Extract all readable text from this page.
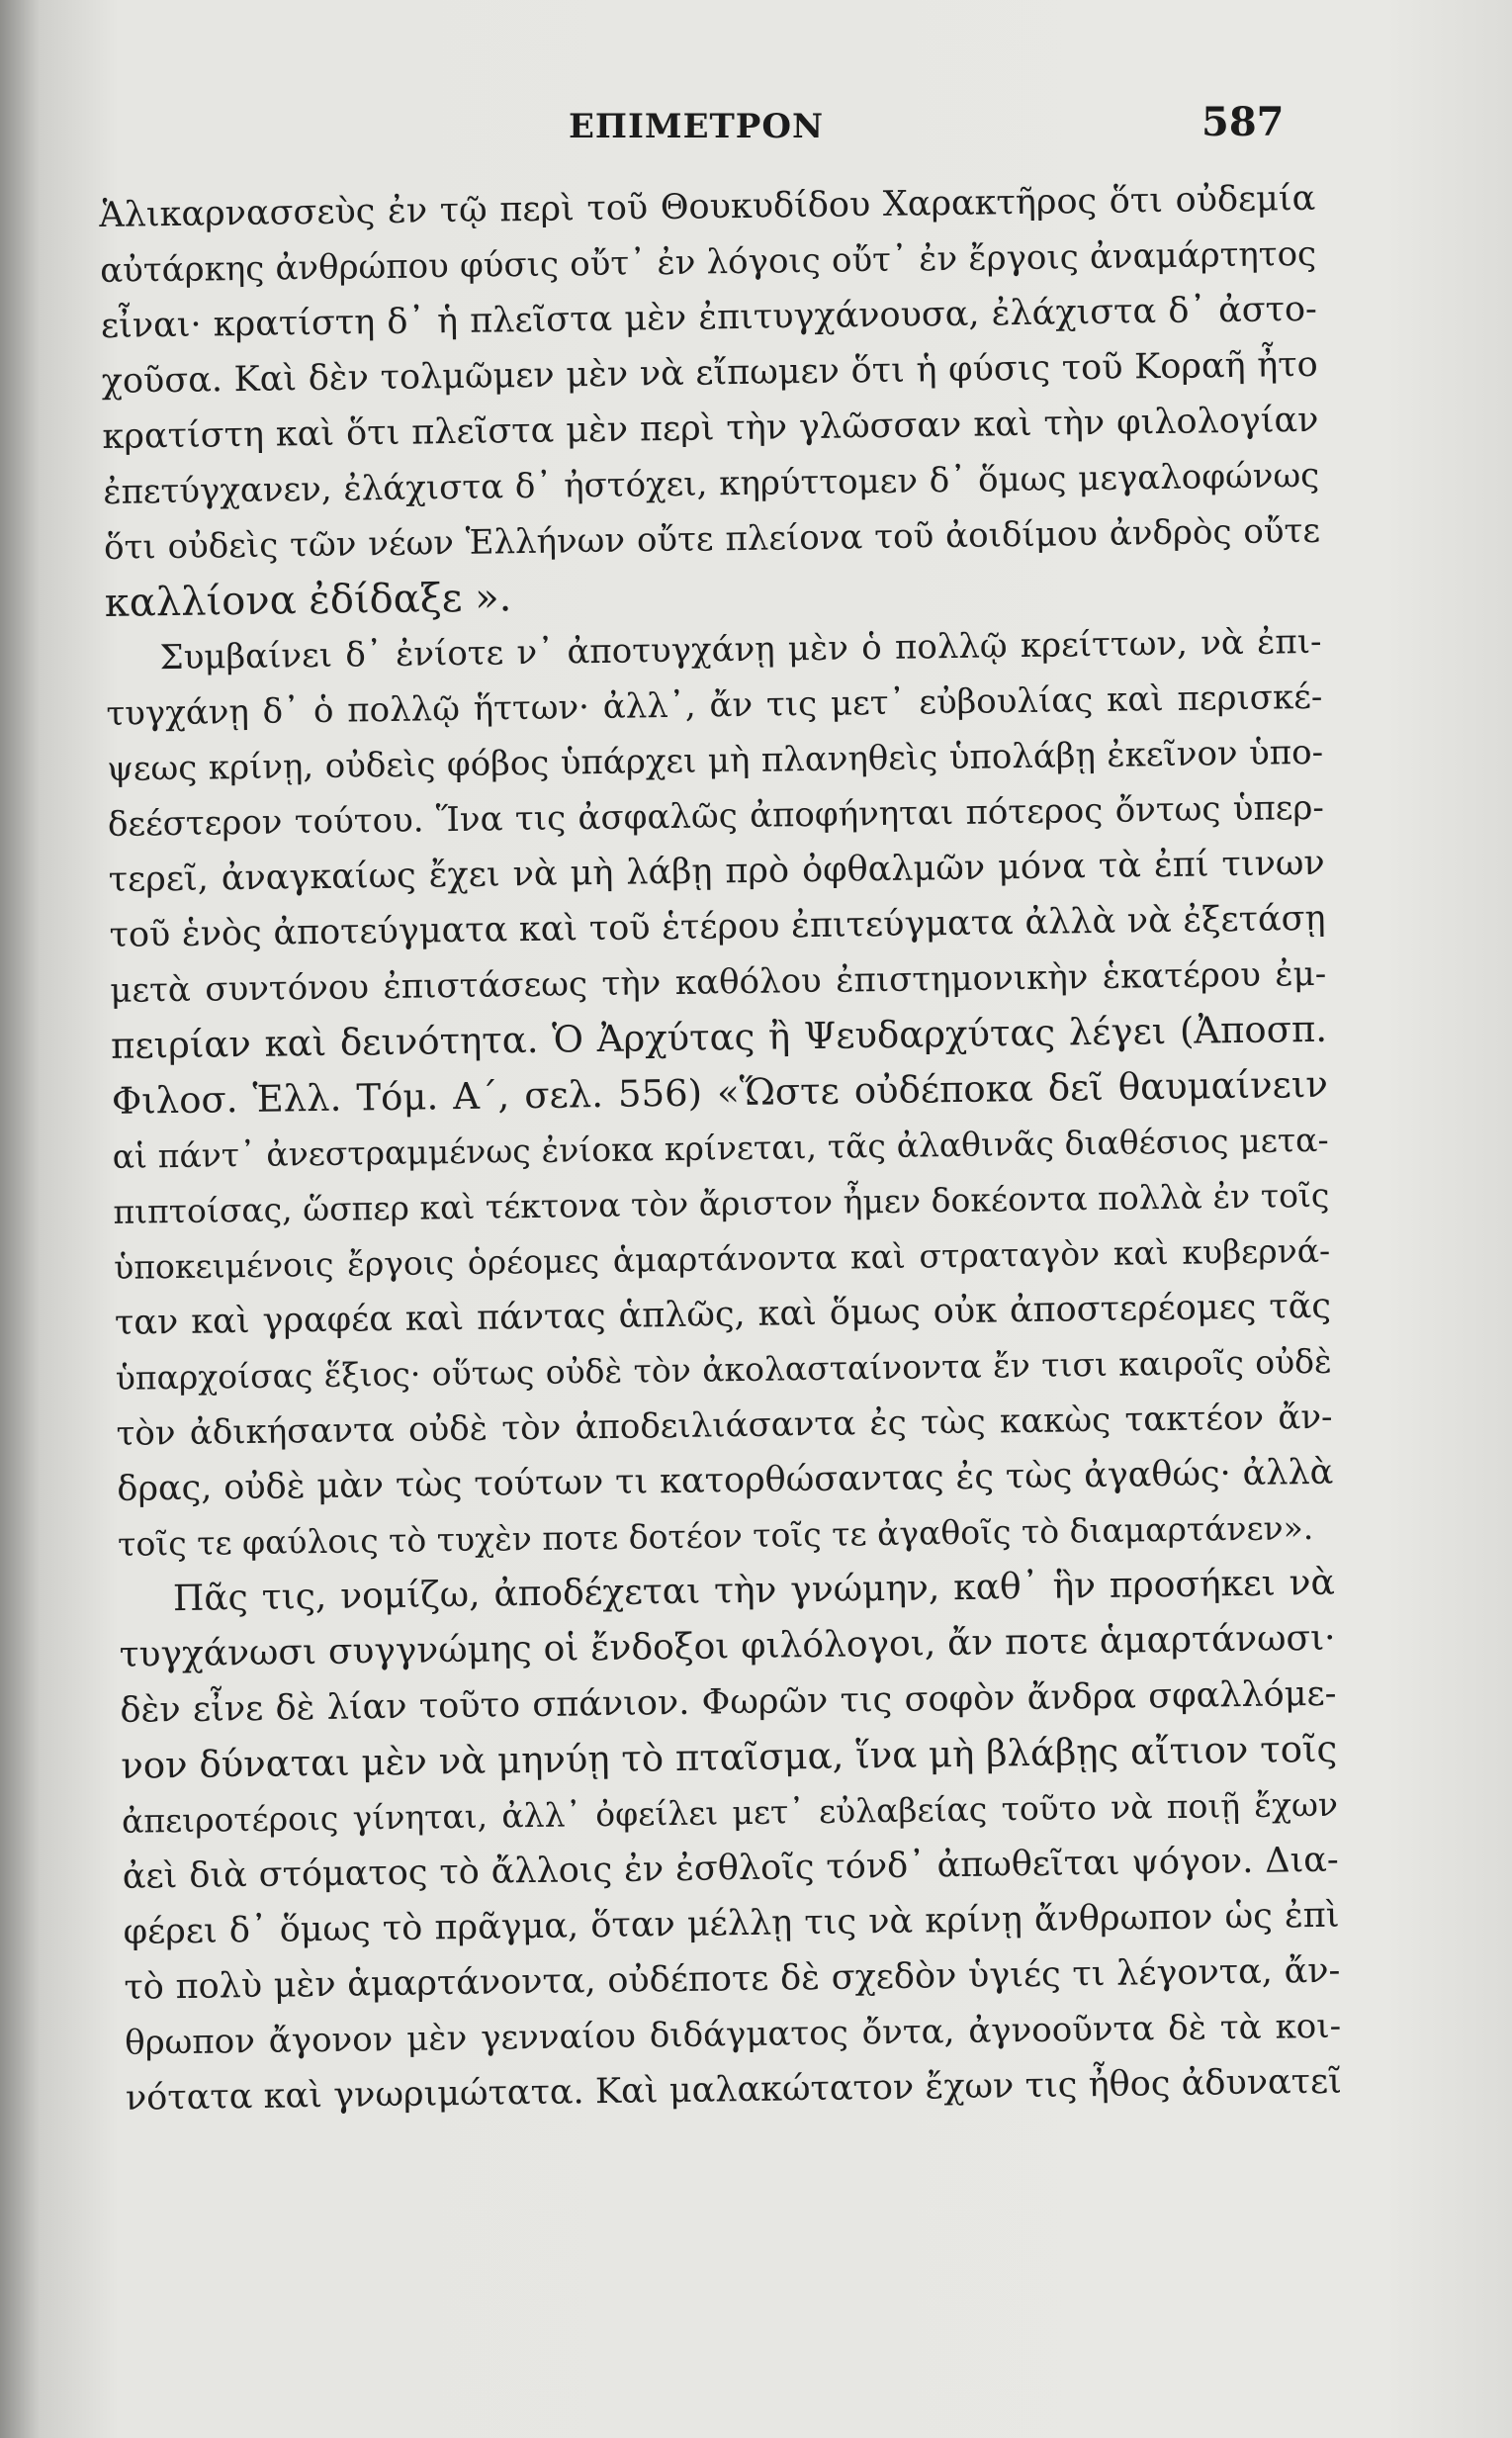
ΕΠΙΜΕΤΡΟΝ	587
Ἁλικαρνασσεὺς ἐν τῷ περὶ τοῦ Θουκυδίδου Χαρακτῆρος ὅτι οὐδεμία
αὐτάρκης ἀνθρώπου φύσις οὔτ᾽ ἐν λόγοις οὔτ᾽ ἐν ἔργοις ἀναμάρτητος
εἶναι· κρατίστη δ᾽ ἡ πλεῖστα μὲν ἐπιτυγχάνουσα, ἐλάχιστα δ᾽ ἀστο-
χοῦσα. Καὶ δὲν τολμῶμεν μὲν νὰ εἴπωμεν ὅτι ἡ φύσις τοῦ Κοραῆ ἦτο
κρατίστη καὶ ὅτι πλεῖστα μὲν περὶ τὴν γλῶσσαν καὶ τὴν φιλολογίαν
ἐπετύγχανεν, ἐλάχιστα δ᾽ ἠστόχει, κηρύττομεν δ᾽ ὅμως μεγαλοφώνως
ὅτι οὐδεὶς τῶν νέων Ἑλλήνων οὔτε πλείονα τοῦ ἀοιδίμου ἀνδρὸς οὔτε
καλλίονα ἐδίδαξε ».
Συμβαίνει δ᾽ ἐνίοτε ν᾽ ἀποτυγχάνῃ μὲν ὁ πολλῷ κρείττων, νὰ ἐπι-
τυγχάνῃ δ᾽ ὁ πολλῷ ἥττων· ἀλλ᾽, ἄν τις μετ᾽ εὐβουλίας καὶ περισκέ-
ψεως κρίνῃ, οὐδεὶς φόβος ὑπάρχει μὴ πλανηθεὶς ὑπολάβῃ ἐκεῖνον ὑπο-
δεέστερον τούτου. Ἵνα τις ἀσφαλῶς ἀποφήνηται πότερος ὄντως ὑπερ-
τερεῖ, ἀναγκαίως ἔχει νὰ μὴ λάβῃ πρὸ ὀφθαλμῶν μόνα τὰ ἐπί τινων
τοῦ ἑνὸς ἀποτεύγματα καὶ τοῦ ἑτέρου ἐπιτεύγματα ἀλλὰ νὰ ἐξετάσῃ
μετὰ συντόνου ἐπιστάσεως τὴν καθόλου ἐπιστημονικὴν ἑκατέρου ἐμ-
πειρίαν καὶ δεινότητα. Ὁ Ἀρχύτας ἢ Ψευδαρχύτας λέγει (Ἀποσπ.
Φιλοσ. Ἑλλ. Τόμ. Α΄, σελ. 556) «Ὥστε οὐδέποκα δεῖ θαυμαίνειν
αἱ πάντ᾽ ἀνεστραμμένως ἐνίοκα κρίνεται, τᾶς ἀλαθινᾶς διαθέσιος μετα-
πιπτοίσας, ὥσπερ καὶ τέκτονα τὸν ἄριστον ἦμεν δοκέοντα πολλὰ ἐν τοῖς
ὑποκειμένοις ἔργοις ὁρέομες ἁμαρτάνοντα καὶ στραταγὸν καὶ κυβερνά-
ταν καὶ γραφέα καὶ πάντας ἁπλῶς, καὶ ὅμως οὐκ ἀποστερέομες τᾶς
ὑπαρχοίσας ἕξιος· οὕτως οὐδὲ τὸν ἀκολασταίνοντα ἔν τισι καιροῖς οὐδὲ
τὸν ἀδικήσαντα οὐδὲ τὸν ἀποδειλιάσαντα ἐς τὼς κακὼς τακτέον ἄν-
δρας, οὐδὲ μὰν τὼς τούτων τι κατορθώσαντας ἐς τὼς ἀγαθώς· ἀλλὰ
τοῖς τε φαύλοις τὸ τυχὲν ποτε δοτέον τοῖς τε ἀγαθοῖς τὸ διαμαρτάνεν».
Πᾶς τις, νομίζω, ἀποδέχεται τὴν γνώμην, καθ᾽ ἣν προσήκει νὰ
τυγχάνωσι συγγνώμης οἱ ἔνδοξοι φιλόλογοι, ἄν ποτε ἁμαρτάνωσι·
δὲν εἶνε δὲ λίαν τοῦτο σπάνιον. Φωρῶν τις σοφὸν ἄνδρα σφαλλόμε-
νον δύναται μὲν νὰ μηνύῃ τὸ πταῖσμα, ἵνα μὴ βλάβῃς αἴτιον τοῖς
ἀπειροτέροις γίνηται, ἀλλ᾽ ὀφείλει μετ᾽ εὐλαβείας τοῦτο νὰ ποιῇ ἔχων
ἀεὶ διὰ στόματος τὸ ἄλλοις ἐν ἐσθλοῖς τόνδ᾽ ἀπωθεῖται ψόγον. Δια-
φέρει δ᾽ ὅμως τὸ πρᾶγμα, ὅταν μέλλῃ τις νὰ κρίνῃ ἄνθρωπον ὡς ἐπὶ
τὸ πολὺ μὲν ἁμαρτάνοντα, οὐδέποτε δὲ σχεδὸν ὑγιές τι λέγοντα, ἄν-
θρωπον ἄγονον μὲν γενναίου διδάγματος ὄντα, ἀγνοοῦντα δὲ τὰ κοι-
νότατα καὶ γνωριμώτατα. Καὶ μαλακώτατον ἔχων τις ἦθος ἀδυνατεῖ
